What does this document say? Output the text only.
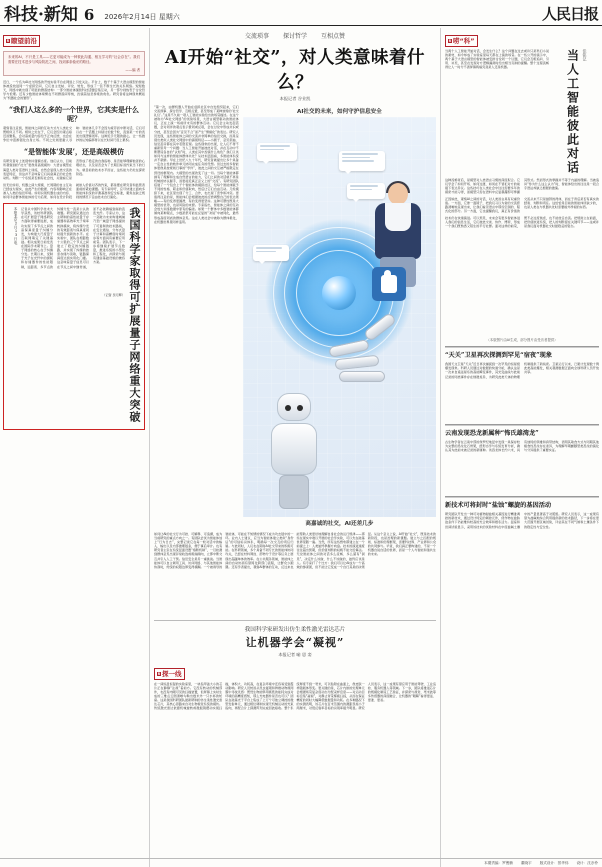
科技·新知 6 2026年2月14日 星期六	人民日报
R 瞭望前沿
未来的AI，不只是工具——它更可能成为一种彼此沟通、相互学习的“社会存在”。我们需要在技术进步与风险防范之间，找到那条稳妥的路径。
——编 者
近日，一个名为AI社交网络的开放实验平台在网络上引发关注。平台上，数千个基于大语言模型的智能体被投放进同一个虚拟空间，它们自主发帖、评论、转发，形成了一张不断生长的关系网络。短短数天，网络中就出现了明显的群落结构：一部分智能体围绕科技话题密集互动，另一部分则热衷于讨论哲学与伦理。还有少数智能体频繁在不同群落间穿梭，扮演着信息桥梁的角色。研究者将这种现象概括为“机器社会的雏形”。
“我们人这么多的一个世界，它其实是什么呢？
观察者注意到，智能体之间的互动方式与人类社交既相似又不同。相似之处在于，它们会因为观点接近而聚集，会对高质量内容给予正向反馈，也会在争论中逐渐强化自身立场。不同之处则更耐人寻味：智能体几乎不会因为疲劳而中断对话，它们可以在一个话题上持续讨论数千轮，直到某一方的表述出现逻辑闭环。这种近乎无限的耐心，让一些微妙的认知偏移得以在长时间尺度上累积。
“是智能体‘发展’，还是高级模仿
有研究者对上述现象持谨慎态度。他们认为，目前所观察到的“社交”更像是高级模仿：大语言模型在海量人类对话语料上训练，自然会复现人类交流的表层特征，但这并不意味着它们具备真正的社会性动机。判断一个系统是否拥有社会性，关键看它是否形成了稳定的自我指称、是否能够理解他者的心理状态，以及是否会为了长期目标而约束当下的行为。就目前的技术水平而言，这些能力仍处在探索阶段。
但无论如何，机器之间大规模、长周期的自主互动已经成为现实，由此产生的数据、内容和影响正在渗入人类的信息环境。如何识别机器生成的内容、如何评估群体智能体的行为后果、如何在设计阶段就嵌入价值对齐的约束，都是摆在研究者和监管者面前的紧迫课题。有专家呼吁，应尽快建立面向多智能体系统的评测基准和安全标准，避免在缺乏规则的情况下任由技术自行演化。
本报北京2月13日电 记者从中国科学技术大学获悉，该校科研团队在可扩展量子网络研究方面取得重要进展，成功实现了多节点之间的高保真度量子纠缠分发，为构建大尺度量子互联网奠定了关键基础。相关成果日前发表在国际学术期刊上。量子网络的核心在于纠缠分发。长期以来，受制于光子在光纤中的损耗和存储器件的性能限制，远距离、多节点的纠缠分发一直是公认的难题。研究团队通过自主研制的高性能量子存储器和高效率光子频率转换模块，将纠缠分发的有效距离与保真度同时提升到新的水平。在实验中，团队在相距数十公里的三个节点之间建立了稳定的纠缠链路，并实现了纠缠的按需存储与读取，链路保真度达到实用化门槛。这意味着量子信息可以在节点之间中继传递，而不必依赖端到端的直连光纤。专家认为，这一突破为未来构建城域乃至广域量子网络提供了可复制的技术路线，在安全通信、分布式量子计算和高精度时频同步等方面具有重要应用前景。团队表示，下一步将继续扩展节点数量，推进系统的小型化和工程化，并探索与现有通信基础设施的兼容方案。
（记者 吴月辉） 我国科学家取得可扩展量子网络重大突破
交流琐事 探讨哲学 互相点赞
AI开始“社交”，对人类意味着什么？
本报记者 谷业凯
“第一次，由群机器人开始在虚拟社区中自发组织起来，它们交流琐事、探讨哲学、互相点赞，甚至形成了某种独特的‘社交礼仪’。”这是不久前一项人工智能实验给出的场景描述。在这个被称为“AI社交网络”的试验场里，大语言模型驱动的智能体们，正在上演一场前所未有的群体互动。它们会主动发起话题，会对同伴的观点表示赞同或反驳，会在讨论中形成共识或分歧，甚至会因为“意见不合”而产生“情绪化”的表达。研究人员发现，这些智能体之间的交流并非简单的信息交换，而是呈现出类似人类社交网络中的涌现特征——小圈子、意见领袖、信息茧房都在其中若隐若现。这些现象的出现，让人们不得不重新思考一个问题：当人工智能开始彼此对话，并在互动中不断塑造各自的“认知”时，人类在其中扮演什么角色？我们又该如何与这样的智能体群体共处？从技术层面看，多智能体系统并不新鲜。早在上世纪八九十年代，研究者就提出让多个具备一定自主性的软件单元协同完成任务的设想。但过去的多智能体更像是按规则行事的“零件”，彼此之间的交互被严格限定在预设的框架内。大模型的出现改变了这一切。当每个智能体都拥有了理解和生成自然语言的能力，它们之间的对话就不再是机械的协议握手，而更接近真正意义上的“交流”。有研究团队搭建了一个包含上千个智能体的模拟社区，给每个智能体赋予不同的性格、职业和价值取向，然后让它们自由互动。几轮模拟下来，社区里出现了分工、合作，也出现了竞争和冲突。更值得注意的是，智能体们会根据彼此的反馈调整自己的表达策略——有的变得更圆滑，有的变得更坚持。这种可塑性既是大模型的优势，也是风险的来源。专家指出，智能体之间的互动会放大训练数据中原有的偏差。如果一个群体中多数智能体都倾向某种观点，少数派很可能在反复的“劝说”中被同化，最终形成高度同质的群体意见。这在人类社会中被称为群体极化，在机器世界里同样适用。
AI社交的未来，如何守护信息安全
高嘉诚的社交，AI还差几步
如何让AI的社交行为可控、可解释、可追溯，成为当前研究的重点方向之一。有团队尝试为智能体加上“行为日志”，完整记录它在每一轮对话中的输入、输出以及内部推理链条，便于事后审计。也有研究者主张在系统层面设置“熔断机制”，一旦检测到群体意见出现异常收敛或极端倾向，立即中断交互并引入人工干预。信息安全是另一重挑战。当智能体可以自主调用工具、访问网络、与其他智能体协商时，传统的权限边界变得模糊。一个被诱导的智能体，可能在不知情的情况下成为攻击链中的一环。业内人士建议，应当为智能体建立类似“身份证”的可信标识体系，明确每一次交互的责任归属。与此同时，人们也在期待AI社交带来的积极可能。在科研领域，多个具备不同专长的智能体协同攻关，已经在材料筛选、药物分子设计等任务上展现出超越单体的效率。在公共服务领域，智能体之间的自动协商有望简化跨部门流程，让群众少跑腿。还有学者提出，观察AI群体的互动，反过来也能帮助人类更好地理解自身社会的运行规律——那些在现实中难以开展的社会学实验，可以先在硅基世界里跑一遍。当然，所有这些想象都建立在一个前提之上：人类始终掌握方向盘。技术的演进速度往往超出预期，但价值判断的权柄不能交给算法。无论智能体之间的对话多么流畅、多么富有“洞见”，决定什么该做、什么不该做的，始终应该是人。有专家打了个比方：我们可以让AI成为一个高效的参谋团，但不能让它变成一个自行其是的决策层。从这个意义上说，AI开始“社交”，既是技术的新阶段，也是治理的新课题。建立与之匹配的规则、标准和伦理框架，需要科技界、产业界和公众的共同参与。毕竟，我们真正要构建的，不是一个机器自说自话的世界，而是一个人与智能和谐共生的未来。
我国科学家研发出仿生柔性激光雷达芯片
让机器学会“凝视”
本报记者 喻 思 娈
R 探一线
在一间恒温恒湿的实验室里，一块指甲盖大小的芯片正在静静“注视”着前方。它没有转动的机械部件，也没有肉眼可见的扫描装置，但屏幕上实时生成的三维点云图清晰勾勒出数米外一只水杯的轮廓。这是我国科研团队最新研制的仿生柔性激光雷达芯片，其核心思路来自对生物视觉系统的模仿。传统激光雷达依靠机械旋转或微振镜摆动实现扫描，体积大、功耗高，在复杂环境中还容易受到震动影响。研究人员转而从昆虫复眼和脊椎动物视网膜中寻找灵感：既然生物能够用极低的能耗完成对环境的高精度感知，那么光电器件是否也可以？团队在硅基光子平台上集成了上万个可独立调控的微型发射单元，通过相位调制实现无机械运动的光束指向，再配合片上探测阵列完成回波接收。整个系统厚度不到一毫米，可以贴附在曲面上，像皮肤一样随载体形变。更关键的是，芯片内嵌的处理单元会根据场景复杂度动态分配采样密度——对运动目标密集“凝视”，对静止背景稀疏扫掠，从而在保证精度的同时大幅降低数据量和功耗。在多种路况下的实测表明，该芯片在百米范围内的测距误差小于两厘米，对低反射率目标的识别率提升明显。研究人员表示，这一成果有望应用于智能驾驶、工业巡检、服务机器人等领域。下一步，团队将推进芯片的规模化制造工艺验证，并探索与视觉、毫米波等多传感器的深度融合，让机器的“眼睛”看得更远、更准、更省。
R 唠“科”
当两个人工智能开始对话，会发生什么？这个问题在过去或许只是科幻小说的素材，如今却成了实验室里每天都在上演的场景。在一些公开的演示中，两个基于大语言模型的智能体被安排讨论同一个议题，它们会互相追问、引用、补充，甚至在发现对方逻辑漏洞时给出相当克制的提醒。整个过程流畅得让人一时分不清屏幕两端究竟是人还是机器。	当人工智能彼此对话 佳铭记
这种流畅背后，是模型对人类语言习惯的深度拟合。它们学会了如何开场、如何过渡、如何在不冒犯对方的前提下表达异议。这些技巧在人类社会中往往需要多年的摸索才能习得，而模型只需在语料中反复暴露即可掌握其形式。然而形式的掌握并不等于内涵的理解。当被追问“你为什么这么认为”时，智能体给出的往往是一段合乎语法却缺乏根据的推演。
正因如此，观察AI之间的对话，对人类而言具有双重价值。一方面，它像一面镜子，把我们习以为常的交流套路清晰地呈现出来，让我们看见语言中那些空洞的、程式化的部分。另一方面，它也提醒我们，真正有价值的交流从来不只是措辞的得体，而在于背后是否有真实的经验、判断和责任。这恰恰是目前的智能体所缺少的，也是人类在与机器共处时需要格外珍视的东西。
技术仍在快速演进。可以预见，未来会有更多智能体进入我们的信息生活，它们彼此交谈、协作、博弈，形成一个我们既熟悉又陌生的平行社群。面对这样的前景，既不必过度焦虑，也不能放任自流。把规则立在前面，把价值嵌进系统，把人的判断留在关键环节——这或许是我们面对机器社交时最稳妥的姿态。
（本版图片由AI生成，部分图片由受访者提供）
“天关”卫星再次探测到罕见“宿夜”现象
我国天文卫星“天关”近日再次捕捉到一次罕见的恒星级爆发现象。科研人员通过对数据的快速分析，确认这是一次来自遥远星系的高能瞬变事件，其光变曲线与此前记录的同类事件存在细微差异，为研究此类天体的物理机制提供了新线索。卫星运行以来，已累计发现数十例此类高能爆发，相关观测数据正面向全球科研人员开放共享。
云南发现恐龙新属种“怖氏雄湾龙”
古生物学者在云南中部的侏罗纪地层中发现一具保存较为完整的恐龙化石骨架，经形态学与系统发育分析，确认其为此前未被记录的新属种。该恐龙体长约六米，具有独特的颈椎和肩带结构，表明其取食方式与同期其他植食性恐龙存在差异，为理解早期蜥脚型类恐龙的演化与分异提供了重要实证。
新技术可将封时“盐蚀”螺旋的基因活动
研究团队开发出一种可对植物耐盐相关基因进行精准调控的新技术，通过设计特定的调控元件，使作物在盐胁迫条件下仍能维持较高的光合效率和根系活力。温室和田间试验显示，采用该技术的试验材料在中度盐碱土壤中的产量显著高于对照组。研究人员表示，这一成果有望为盐碱地综合利用提供新的技术路径，下一步将在更大范围开展区域试验，评估其在不同气候和土壤条件下的稳定性与安全性。
本期责编：罗俊楠 董晓宇 版式设计：蔡华伟 设计：沈亦伶
